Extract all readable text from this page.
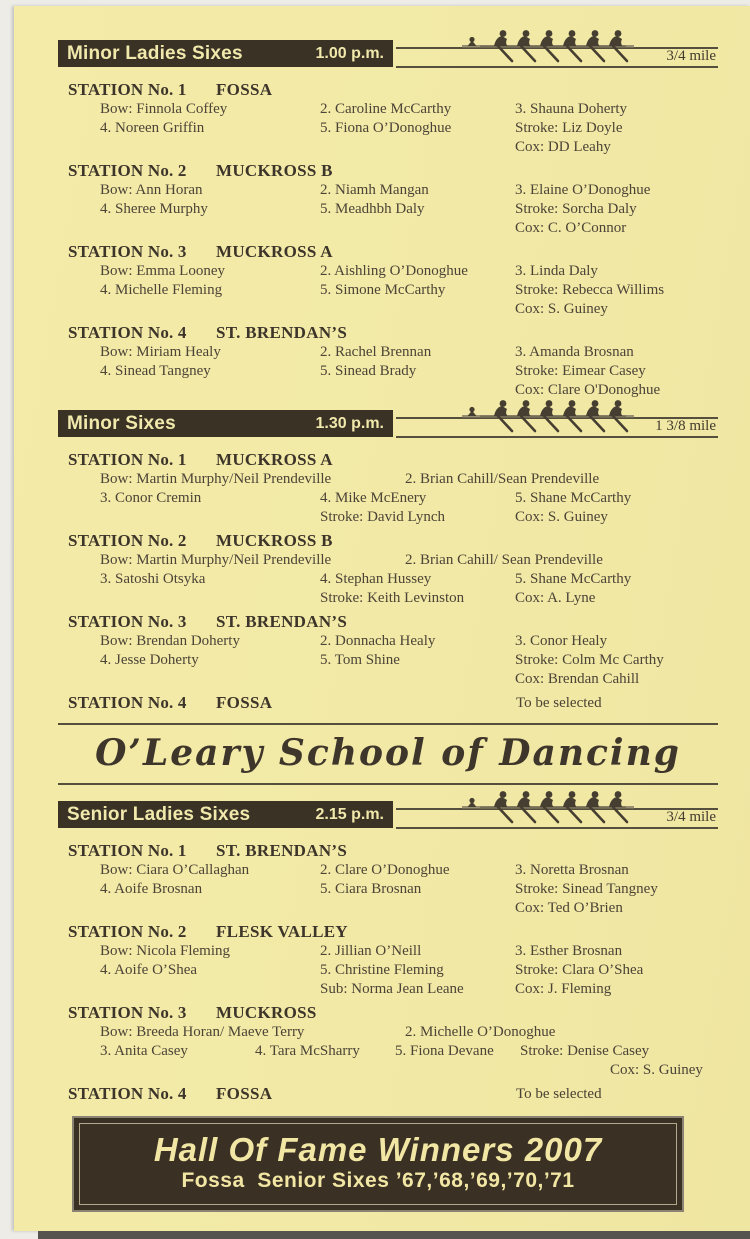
Minor Ladies Sixes	1.00 p.m.	3/4 mile
STATION No. 1	FOSSA
Bow: Finnola Coffey	2. Caroline McCarthy	3. Shauna Doherty
4. Noreen Griffin	5. Fiona O’Donoghue	Stroke: Liz Doyle
Cox: DD Leahy
STATION No. 2	MUCKROSS B
Bow: Ann Horan	2. Niamh Mangan	3. Elaine O’Donoghue
4. Sheree Murphy	5. Meadhbh Daly	Stroke: Sorcha Daly
Cox: C. O’Connor
STATION No. 3	MUCKROSS A
Bow: Emma Looney	2. Aishling O’Donoghue	3. Linda Daly
4. Michelle Fleming	5. Simone McCarthy	Stroke: Rebecca Willims
Cox: S. Guiney
STATION No. 4	ST. BRENDAN’S
Bow: Miriam Healy	2. Rachel Brennan	3. Amanda Brosnan
4. Sinead Tangney	5. Sinead Brady	Stroke: Eimear Casey
Cox: Clare O'Donoghue
Minor Sixes	1.30 p.m.	1 3/8 mile
STATION No. 1	MUCKROSS A
Bow: Martin Murphy/Neil Prendeville	2. Brian Cahill/Sean Prendeville
3. Conor Cremin	4. Mike McEnery	5. Shane McCarthy
Stroke: David Lynch	Cox: S. Guiney
STATION No. 2	MUCKROSS B
Bow: Martin Murphy/Neil Prendeville	2. Brian Cahill/ Sean Prendeville
3. Satoshi Otsyka	4. Stephan Hussey	5. Shane McCarthy
Stroke: Keith Levinston	Cox: A. Lyne
STATION No. 3	ST. BRENDAN’S
Bow: Brendan Doherty	2. Donnacha Healy	3. Conor Healy
4. Jesse Doherty	5. Tom Shine	Stroke: Colm Mc Carthy
Cox: Brendan Cahill
STATION No. 4	FOSSA	To be selected
O’Leary School of Dancing
Senior Ladies Sixes	2.15 p.m.	3/4 mile
STATION No. 1	ST. BRENDAN’S
Bow: Ciara O’Callaghan	2. Clare O’Donoghue	3. Noretta Brosnan
4. Aoife Brosnan	5. Ciara Brosnan	Stroke: Sinead Tangney
Cox: Ted O’Brien
STATION No. 2	FLESK VALLEY
Bow: Nicola Fleming	2. Jillian O’Neill	3. Esther Brosnan
4. Aoife O’Shea	5. Christine Fleming	Stroke: Clara O’Shea
Sub: Norma Jean Leane	Cox: J. Fleming
STATION No. 3	MUCKROSS
Bow: Breeda Horan/ Maeve Terry	2. Michelle O’Donoghue
3. Anita Casey	4. Tara McSharry	5. Fiona Devane	Stroke: Denise Casey
Cox: S. Guiney
STATION No. 4	FOSSA	To be selected
Hall Of Fame Winners 2007
Fossa  Senior Sixes ’67,’68,’69,’70,’71
